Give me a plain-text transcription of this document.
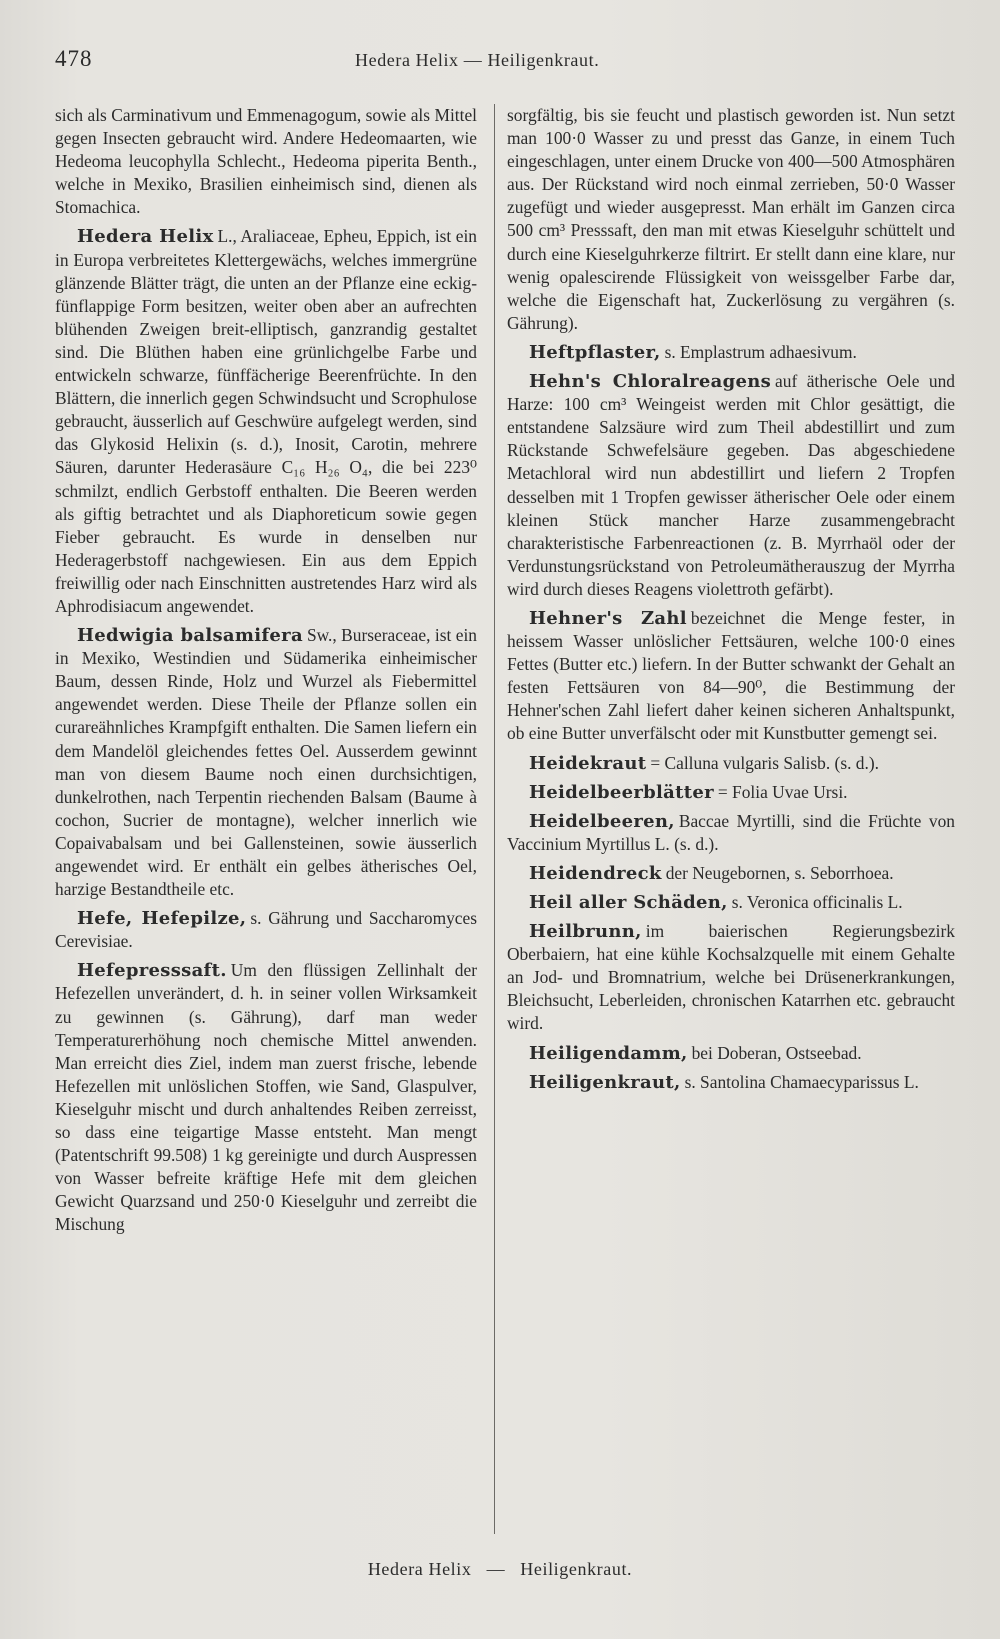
478	Hedera Helix — Heiligenkraut.

sich als Carminativum und Emmenagogum, sowie als Mittel gegen Insecten gebraucht wird. Andere Hedeomaarten, wie Hedeoma leucophylla Schlecht., Hedeoma piperita Benth., welche in Mexiko, Brasilien einheimisch sind, dienen als Stomachica.

Hedera Helix L., Araliaceae, Epheu, Eppich, ist ein in Europa verbreitetes Klettergewächs, welches immergrüne glänzende Blätter trägt, die unten an der Pflanze eine eckig-fünflappige Form besitzen, weiter oben aber an aufrechten blühenden Zweigen breit-elliptisch, ganzrandig gestaltet sind. Die Blüthen haben eine grünlichgelbe Farbe und entwickeln schwarze, fünffächerige Beerenfrüchte. In den Blättern, die innerlich gegen Schwindsucht und Scrophulose gebraucht, äusserlich auf Geschwüre aufgelegt werden, sind das Glykosid Helixin (s. d.), Inosit, Carotin, mehrere Säuren, darunter Hederasäure C₁₆ H₂₆ O₄, die bei 223⁰ schmilzt, endlich Gerbstoff enthalten. Die Beeren werden als giftig betrachtet und als Diaphoreticum sowie gegen Fieber gebraucht. Es wurde in denselben nur Hederagerbstoff nachgewiesen. Ein aus dem Eppich freiwillig oder nach Einschnitten austretendes Harz wird als Aphrodisiacum angewendet.

Hedwigia balsamifera Sw., Burseraceae, ist ein in Mexiko, Westindien und Südamerika einheimischer Baum, dessen Rinde, Holz und Wurzel als Fiebermittel angewendet werden. Diese Theile der Pflanze sollen ein curareähnliches Krampfgift enthalten. Die Samen liefern ein dem Mandelöl gleichendes fettes Oel. Ausserdem gewinnt man von diesem Baume noch einen durchsichtigen, dunkelrothen, nach Terpentin riechenden Balsam (Baume à cochon, Sucrier de montagne), welcher innerlich wie Copaivabalsam und bei Gallensteinen, sowie äusserlich angewendet wird. Er enthält ein gelbes ätherisches Oel, harzige Bestandtheile etc.

Hefe, Hefepilze, s. Gährung und Saccharomyces Cerevisiae.

Hefepresssaft. Um den flüssigen Zellinhalt der Hefezellen unverändert, d. h. in seiner vollen Wirksamkeit zu gewinnen (s. Gährung), darf man weder Temperaturerhöhung noch chemische Mittel anwenden. Man erreicht dies Ziel, indem man zuerst frische, lebende Hefezellen mit unlöslichen Stoffen, wie Sand, Glaspulver, Kieselguhr mischt und durch anhaltendes Reiben zerreisst, so dass eine teigartige Masse entsteht. Man mengt (Patentschrift 99.508) 1 kg gereinigte und durch Auspressen von Wasser befreite kräftige Hefe mit dem gleichen Gewicht Quarzsand und 250·0 Kieselguhr und zerreibt die Mischung

sorgfältig, bis sie feucht und plastisch geworden ist. Nun setzt man 100·0 Wasser zu und presst das Ganze, in einem Tuch eingeschlagen, unter einem Drucke von 400—500 Atmosphären aus. Der Rückstand wird noch einmal zerrieben, 50·0 Wasser zugefügt und wieder ausgepresst. Man erhält im Ganzen circa 500 cm³ Presssaft, den man mit etwas Kieselguhr schüttelt und durch eine Kieselguhrkerze filtrirt. Er stellt dann eine klare, nur wenig opalescirende Flüssigkeit von weissgelber Farbe dar, welche die Eigenschaft hat, Zuckerlösung zu vergähren (s. Gährung).

Heftpflaster, s. Emplastrum adhaesivum.

Hehn's Chloralreagens auf ätherische Oele und Harze: 100 cm³ Weingeist werden mit Chlor gesättigt, die entstandene Salzsäure wird zum Theil abdestillirt und zum Rückstande Schwefelsäure gegeben. Das abgeschiedene Metachloral wird nun abdestillirt und liefern 2 Tropfen desselben mit 1 Tropfen gewisser ätherischer Oele oder einem kleinen Stück mancher Harze zusammengebracht charakteristische Farbenreactionen (z. B. Myrrhaöl oder der Verdunstungsrückstand von Petroleumätherauszug der Myrrha wird durch dieses Reagens violettroth gefärbt).

Hehner's Zahl bezeichnet die Menge fester, in heissem Wasser unlöslicher Fettsäuren, welche 100·0 eines Fettes (Butter etc.) liefern. In der Butter schwankt der Gehalt an festen Fettsäuren von 84—90⁰, die Bestimmung der Hehner'schen Zahl liefert daher keinen sicheren Anhaltspunkt, ob eine Butter unverfälscht oder mit Kunstbutter gemengt sei.

Heidekraut = Calluna vulgaris Salisb. (s. d.).

Heidelbeerblätter = Folia Uvae Ursi.

Heidelbeeren, Baccae Myrtilli, sind die Früchte von Vaccinium Myrtillus L. (s. d.).

Heidendreck der Neugebornen, s. Seborrhoea.

Heil aller Schäden, s. Veronica officinalis L.

Heilbrunn, im baierischen Regierungsbezirk Oberbaiern, hat eine kühle Kochsalzquelle mit einem Gehalte an Jod- und Bromnatrium, welche bei Drüsenerkrankungen, Bleichsucht, Leberleiden, chronischen Katarrhen etc. gebraucht wird.

Heiligendamm, bei Doberan, Ostseebad.

Heiligenkraut, s. Santolina Chamaecyparissus L.

Hedera Helix — Heiligenkraut.
